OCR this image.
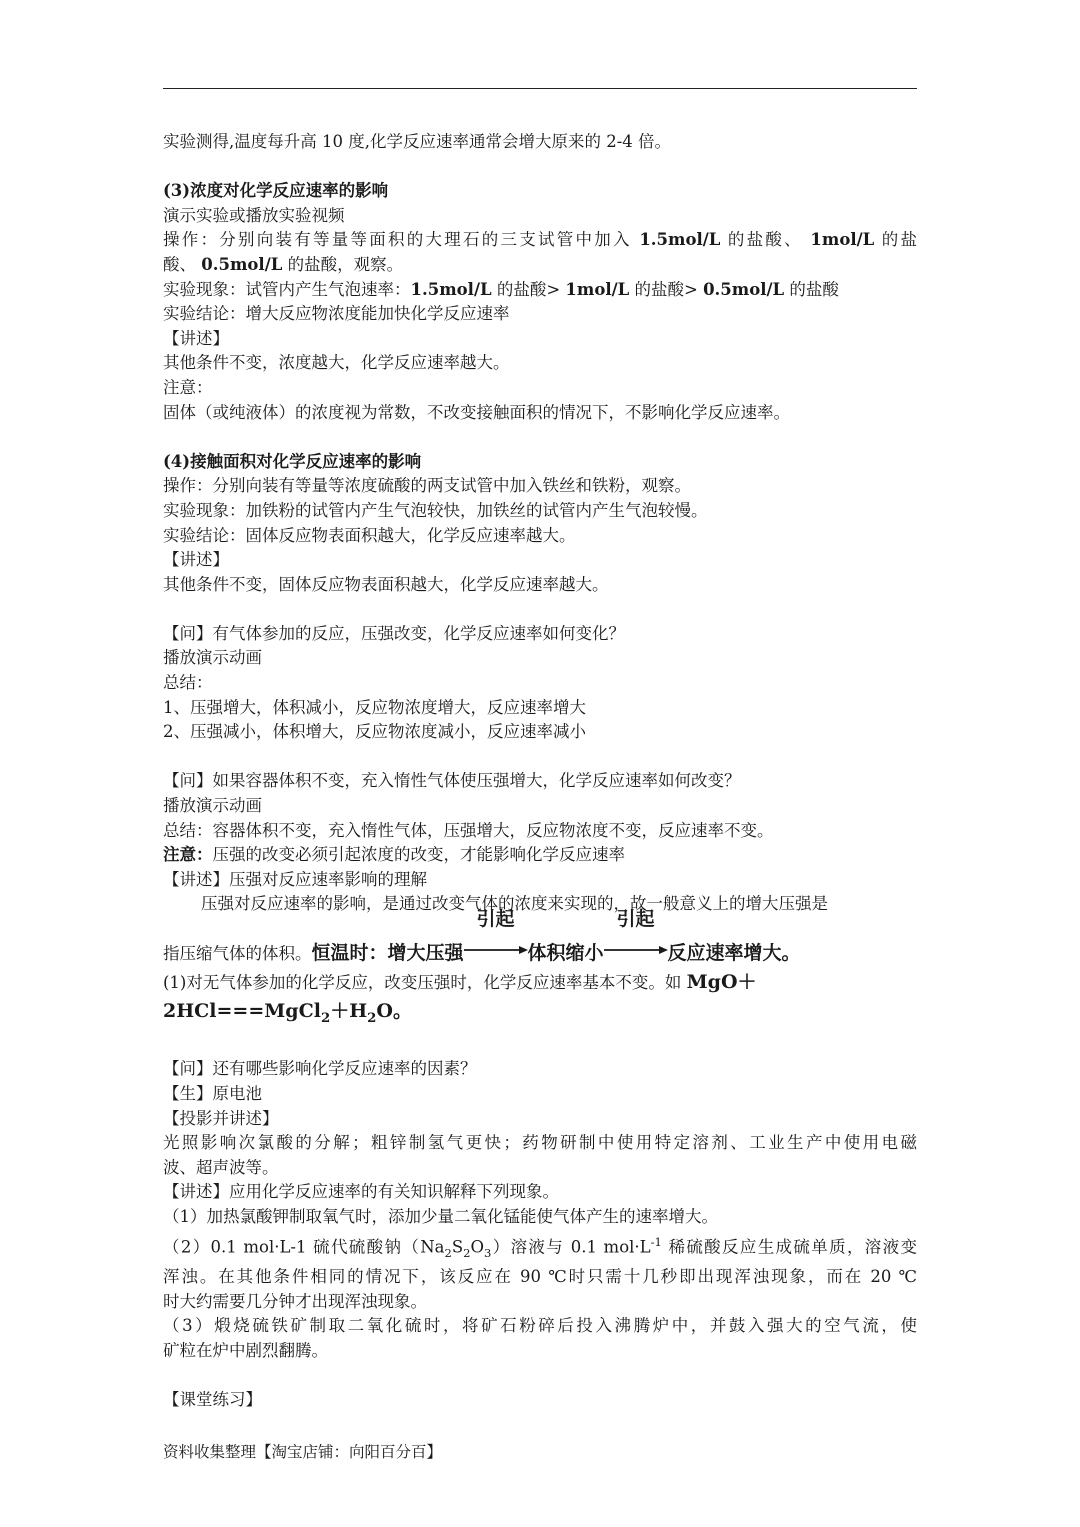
实验测得,温度每升高 10 度,化学反应速率通常会增大原来的 2-4 倍。
(3)浓度对化学反应速率的影响
演示实验或播放实验视频
操作：分别向装有等量等面积的大理石的三支试管中加入 1.5mol/L 的盐酸、 1mol/L 的盐
酸、 0.5mol/L 的盐酸，观察。
实验现象：试管内产生气泡速率：1.5mol/L 的盐酸> 1mol/L 的盐酸> 0.5mol/L 的盐酸
实验结论：增大反应物浓度能加快化学反应速率
【讲述】
其他条件不变，浓度越大，化学反应速率越大。
注意：
固体（或纯液体）的浓度视为常数，不改变接触面积的情况下，不影响化学反应速率。
(4)接触面积对化学反应速率的影响
操作：分别向装有等量等浓度硫酸的两支试管中加入铁丝和铁粉，观察。
实验现象：加铁粉的试管内产生气泡较快，加铁丝的试管内产生气泡较慢。
实验结论：固体反应物表面积越大，化学反应速率越大。
【讲述】
其他条件不变，固体反应物表面积越大，化学反应速率越大。
【问】有气体参加的反应，压强改变，化学反应速率如何变化？
播放演示动画
总结：
1、压强增大，体积减小，反应物浓度增大，反应速率增大
2、压强减小，体积增大，反应物浓度减小，反应速率减小
【问】如果容器体积不变，充入惰性气体使压强增大，化学反应速率如何改变？
播放演示动画
总结：容器体积不变，充入惰性气体，压强增大，反应物浓度不变，反应速率不变。
注意：压强的改变必须引起浓度的改变，才能影响化学反应速率
【讲述】压强对反应速率影响的理解
压强对反应速率的影响，是通过改变气体的浓度来实现的，故一般意义上的增大压强是
指压缩气体的体积。恒温时：增大压强
引起
体积缩小
引起
反应速率增大。
(1)对无气体参加的化学反应，改变压强时，化学反应速率基本不变。如 MgO＋
$2HCl===MgCl_2+H_2O$。
【问】还有哪些影响化学反应速率的因素？
【生】原电池
【投影并讲述】
光照影响次氯酸的分解；粗锌制氢气更快；药物研制中使用特定溶剂、工业生产中使用电磁
波、超声波等。
【讲述】应用化学反应速率的有关知识解释下列现象。
（1）加热氯酸钾制取氧气时，添加少量二氧化锰能使气体产生的速率增大。
（2）0.1 mol·L-1 硫代硫酸钠$(Na_2S_2O_3)$溶液与 0.1 $mol\cdot L^{-1}$ 稀硫酸反应生成硫单质，溶液变
浑浊。在其他条件相同的情况下，该反应在 90 ℃时只需十几秒即出现浑浊现象，而在 20 ℃
时大约需要几分钟才出现浑浊现象。
（3）煅烧硫铁矿制取二氧化硫时，将矿石粉碎后投入沸腾炉中，并鼓入强大的空气流，使
矿粒在炉中剧烈翻腾。
【课堂练习】
资料收集整理【淘宝店铺：向阳百分百】
